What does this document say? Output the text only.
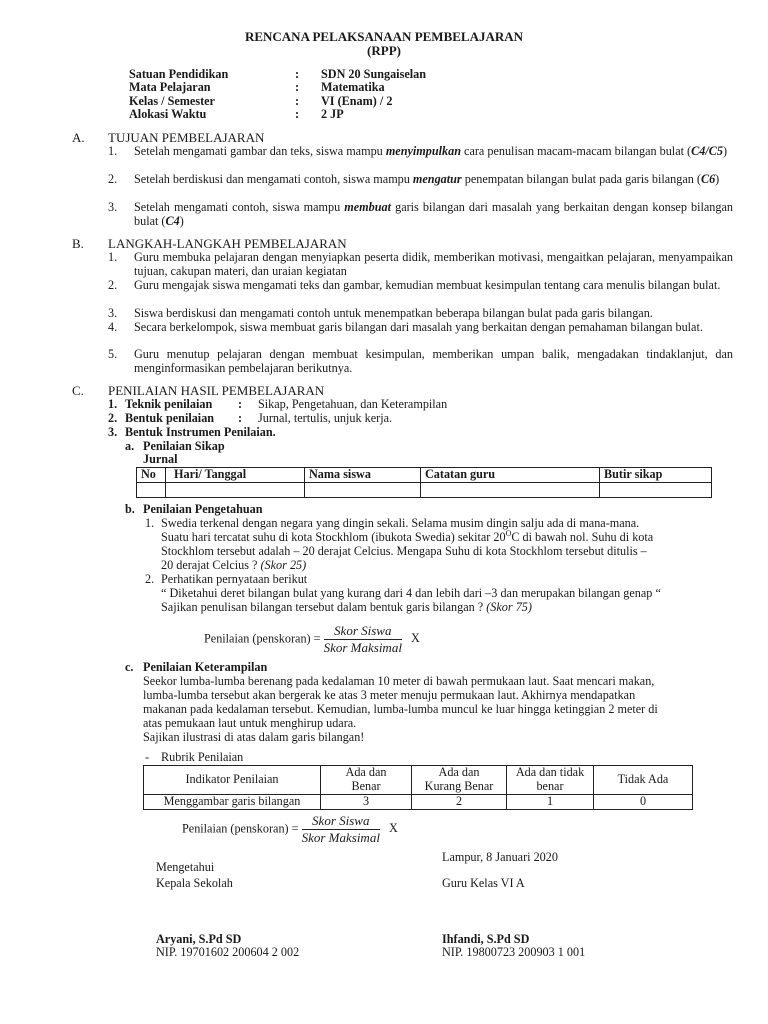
RENCANA PELAKSANAAN PEMBELAJARAN
(RPP)
Satuan Pendidikan	: SDN 20 Sungaiselan
Mata Pelajaran	: Matematika
Kelas / Semester	: VI (Enam) / 2
Alokasi Waktu	: 2 JP
A. TUJUAN PEMBELAJARAN
1. Setelah mengamati gambar dan teks, siswa mampu menyimpulkan cara penulisan macam-macam bilangan bulat (C4/C5)
2. Setelah berdiskusi dan mengamati contoh, siswa mampu mengatur penempatan bilangan bulat pada garis bilangan (C6)
3. Setelah mengamati contoh, siswa mampu membuat garis bilangan dari masalah yang berkaitan dengan konsep bilangan bulat (C4)
B. LANGKAH-LANGKAH PEMBELAJARAN
1. Guru membuka pelajaran dengan menyiapkan peserta didik, memberikan motivasi, mengaitkan pelajaran, menyampaikan tujuan, cakupan materi, dan uraian kegiatan
2. Guru mengajak siswa mengamati teks dan gambar, kemudian membuat kesimpulan tentang cara menulis bilangan bulat.
3. Siswa berdiskusi dan mengamati contoh untuk menempatkan beberapa bilangan bulat pada garis bilangan.
4. Secara berkelompok, siswa membuat garis bilangan dari masalah yang berkaitan dengan pemahaman bilangan bulat.
5. Guru menutup pelajaran dengan membuat kesimpulan, memberikan umpan balik, mengadakan tindaklanjut, dan menginformasikan pembelajaran berikutnya.
C. PENILAIAN HASIL PEMBELAJARAN
1. Teknik penilaian : Sikap, Pengetahuan, dan Keterampilan
2. Bentuk penilaian : Jurnal, tertulis, unjuk kerja.
3. Bentuk Instrumen Penilaian.
a. Penilaian Sikap
Jurnal
No	Hari/ Tanggal	Nama siswa	Catatan guru	Butir sikap

b. Penilaian Pengetahuan
1. Swedia terkenal dengan negara yang dingin sekali. Selama musim dingin salju ada di mana-mana.
Suatu hari tercatat suhu di kota Stockhlom (ibukota Swedia) sekitar $20^OC$ di bawah nol. Suhu di kota
Stockhlom tersebut adalah – 20 derajat Celcius. Mengapa Suhu di kota Stockhlom tersebut ditulis –
20 derajat Celcius ? (Skor 25)
2. Perhatikan pernyataan berikut
“ Diketahui deret bilangan bulat yang kurang dari 4 dan lebih dari –3 dan merupakan bilangan genap “
Sajikan penulisan bilangan tersebut dalam bentuk garis bilangan ? (Skor 75)
Penilaian (penskoran) = $\frac{\text{Skor Siswa}}{\text{Skor Maksimal}}$ X
c. Penilaian Keterampilan
Seekor lumba-lumba berenang pada kedalaman 10 meter di bawah permukaan laut. Saat mencari makan,
lumba-lumba tersebut akan bergerak ke atas 3 meter menuju permukaan laut. Akhirnya mendapatkan
makanan pada kedalaman tersebut. Kemudian, lumba-lumba muncul ke luar hingga ketinggian 2 meter di
atas pemukaan laut untuk menghirup udara.
Sajikan ilustrasi di atas dalam garis bilangan!
- Rubrik Penilaian
Indikator Penilaian	Ada dan Benar	Ada dan Kurang Benar	Ada dan tidak benar	Tidak Ada
Menggambar garis bilangan	3	2	1	0
Penilaian (penskoran) = $\frac{\text{Skor Siswa}}{\text{Skor Maksimal}}$ X
Lampur, 8 Januari 2020
Mengetahui
Kepala Sekolah	Guru Kelas VI A
Aryani, S.Pd SD	Ihfandi, S.Pd SD
NIP. 19701602 200604 2 002	NIP. 19800723 200903 1 001
